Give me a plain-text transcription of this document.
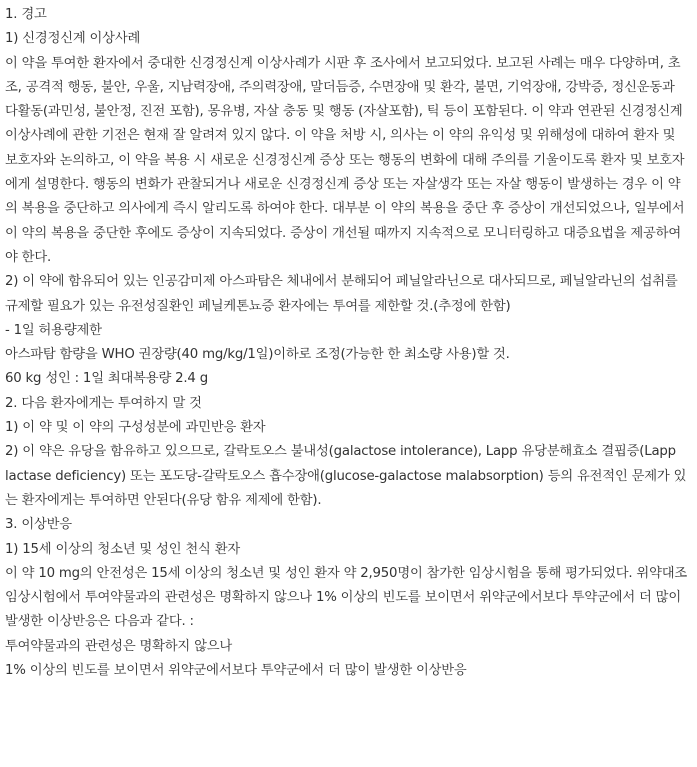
1. 경고

1) 신경정신계 이상사례

이 약을 투여한 환자에서 중대한 신경정신계 이상사례가 시판 후 조사에서 보고되었다. 보고된 사례는 매우 다양하며, 초조, 공격적 행동, 불안, 우울, 지남력장애, 주의력장애, 말더듬증, 수면장애 및 환각, 불면, 기억장애, 강박증, 정신운동과다활동(과민성, 불안정, 진전 포함), 몽유병, 자살 충동 및 행동 (자살포함), 틱 등이 포함된다. 이 약과 연관된 신경정신계 이상사례에 관한 기전은 현재 잘 알려져 있지 않다. 이 약을 처방 시, 의사는 이 약의 유익성 및 위해성에 대하여 환자 및 보호자와 논의하고, 이 약을 복용 시 새로운 신경정신계 증상 또는 행동의 변화에 대해 주의를 기울이도록 환자 및 보호자에게 설명한다. 행동의 변화가 관찰되거나 새로운 신경정신계 증상 또는 자살생각 또는 자살 행동이 발생하는 경우 이 약의 복용을 중단하고 의사에게 즉시 알리도록 하여야 한다. 대부분 이 약의 복용을 중단 후 증상이 개선되었으나, 일부에서 이 약의 복용을 중단한 후에도 증상이 지속되었다. 증상이 개선될 때까지 지속적으로 모니터링하고 대증요법을 제공하여야 한다.

2) 이 약에 함유되어 있는 인공감미제 아스파탐은 체내에서 분해되어 페닐알라닌으로 대사되므로, 페닐알라닌의 섭취를 규제할 필요가 있는 유전성질환인 페닐케톤뇨증 환자에는 투여를 제한할 것.(추정에 한함)

- 1일 허용량제한

아스파탐 함량을 WHO 권장량(40 mg/kg/1일)이하로 조정(가능한 한 최소량 사용)할 것.

60 kg 성인 : 1일 최대복용량 2.4 g

2. 다음 환자에게는 투여하지 말 것

1) 이 약 및 이 약의 구성성분에 과민반응 환자

2) 이 약은 유당을 함유하고 있으므로, 갈락토오스 불내성(galactose intolerance), Lapp 유당분해효소 결핍증(Lapp lactase deficiency) 또는 포도당-갈락토오스 흡수장애(glucose-galactose malabsorption) 등의 유전적인 문제가 있는 환자에게는 투여하면 안된다(유당 함유 제제에 한함).

3. 이상반응

1) 15세 이상의 청소년 및 성인 천식 환자

이 약 10 mg의 안전성은 15세 이상의 청소년 및 성인 환자 약 2,950명이 참가한 임상시험을 통해 평가되었다. 위약대조임상시험에서 투여약물과의 관련성은 명확하지 않으나 1% 이상의 빈도를 보이면서 위약군에서보다 투약군에서 더 많이 발생한 이상반응은 다음과 같다. :

투여약물과의 관련성은 명확하지 않으나

1% 이상의 빈도를 보이면서 위약군에서보다 투약군에서 더 많이 발생한 이상반응
